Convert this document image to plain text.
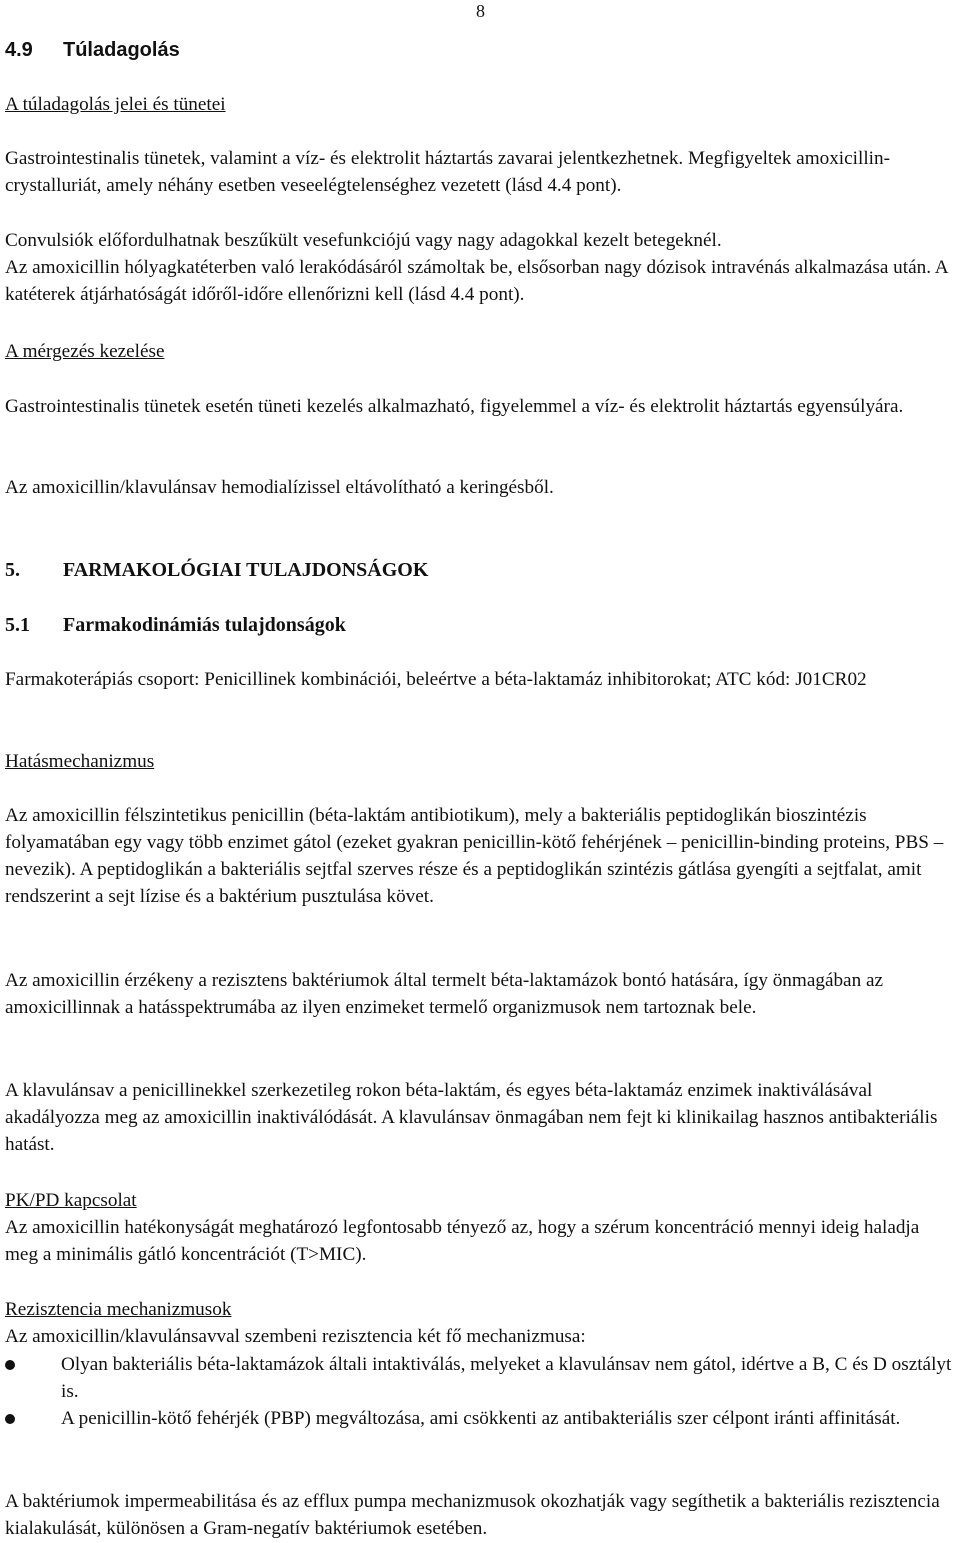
8
4.9 Túladagolás

A túladagolás jelei és tünetei

Gastrointestinalis tünetek, valamint a víz- és elektrolit háztartás zavarai jelentkezhetnek. Megfigyeltek amoxicillin-crystalluriát, amely néhány esetben veseelégtelenséghez vezetett (lásd 4.4 pont).

Convulsiók előfordulhatnak beszűkült vesefunkciójú vagy nagy adagokkal kezelt betegeknél.

Az amoxicillin hólyagkatéterben való lerakódásáról számoltak be, elsősorban nagy dózisok intravénás alkalmazása után. A katéterek átjárhatóságát időről-időre ellenőrizni kell (lásd 4.4 pont).

A mérgezés kezelése

Gastrointestinalis tünetek esetén tüneti kezelés alkalmazható, figyelemmel a víz- és elektrolit háztartás egyensúlyára.

Az amoxicillin/klavulánsav hemodialízissel eltávolítható a keringésből.

5. FARMAKOLÓGIAI TULAJDONSÁGOK
5.1 Farmakodinámiás tulajdonságok

Farmakoterápiás csoport: Penicillinek kombinációi, beleértve a béta-laktamáz inhibitorokat; ATC kód: J01CR02

Hatásmechanizmus

Az amoxicillin félszintetikus penicillin (béta-laktám antibiotikum), mely a bakteriális peptidoglikán bioszintézis folyamatában egy vagy több enzimet gátol (ezeket gyakran penicillin-kötő fehérjének – penicillin-binding proteins, PBS – nevezik). A peptidoglikán a bakteriális sejtfal szerves része és a peptidoglikán szintézis gátlása gyengíti a sejtfalat, amit rendszerint a sejt lízise és a baktérium pusztulása követ.

Az amoxicillin érzékeny a rezisztens baktériumok által termelt béta-laktamázok bontó hatására, így önmagában az amoxicillinnak a hatásspektrumába az ilyen enzimeket termelő organizmusok nem tartoznak bele.

A klavulánsav a penicillinekkel szerkezetileg rokon béta-laktám, és egyes béta-laktamáz enzimek inaktiválásával akadályozza meg az amoxicillin inaktiválódását. A klavulánsav önmagában nem fejt ki klinikailag hasznos antibakteriális hatást.

PK/PD kapcsolat

Az amoxicillin hatékonyságát meghatározó legfontosabb tényező az, hogy a szérum koncentráció mennyi ideig haladja meg a minimális gátló koncentrációt (T>MIC).

Rezisztencia mechanizmusok

Az amoxicillin/klavulánsavval szembeni rezisztencia két fő mechanizmusa:

Olyan bakteriális béta-laktamázok általi intaktiválás, melyeket a klavulánsav nem gátol, idértve a B, C és D osztályt is.
A penicillin-kötő fehérjék (PBP) megváltozása, ami csökkenti az antibakteriális szer célpont iránti affinitását.

A baktériumok impermeabilitása és az efflux pumpa mechanizmusok okozhatják vagy segíthetik a bakteriális rezisztencia kialakulását, különösen a Gram-negatív baktériumok esetében.
